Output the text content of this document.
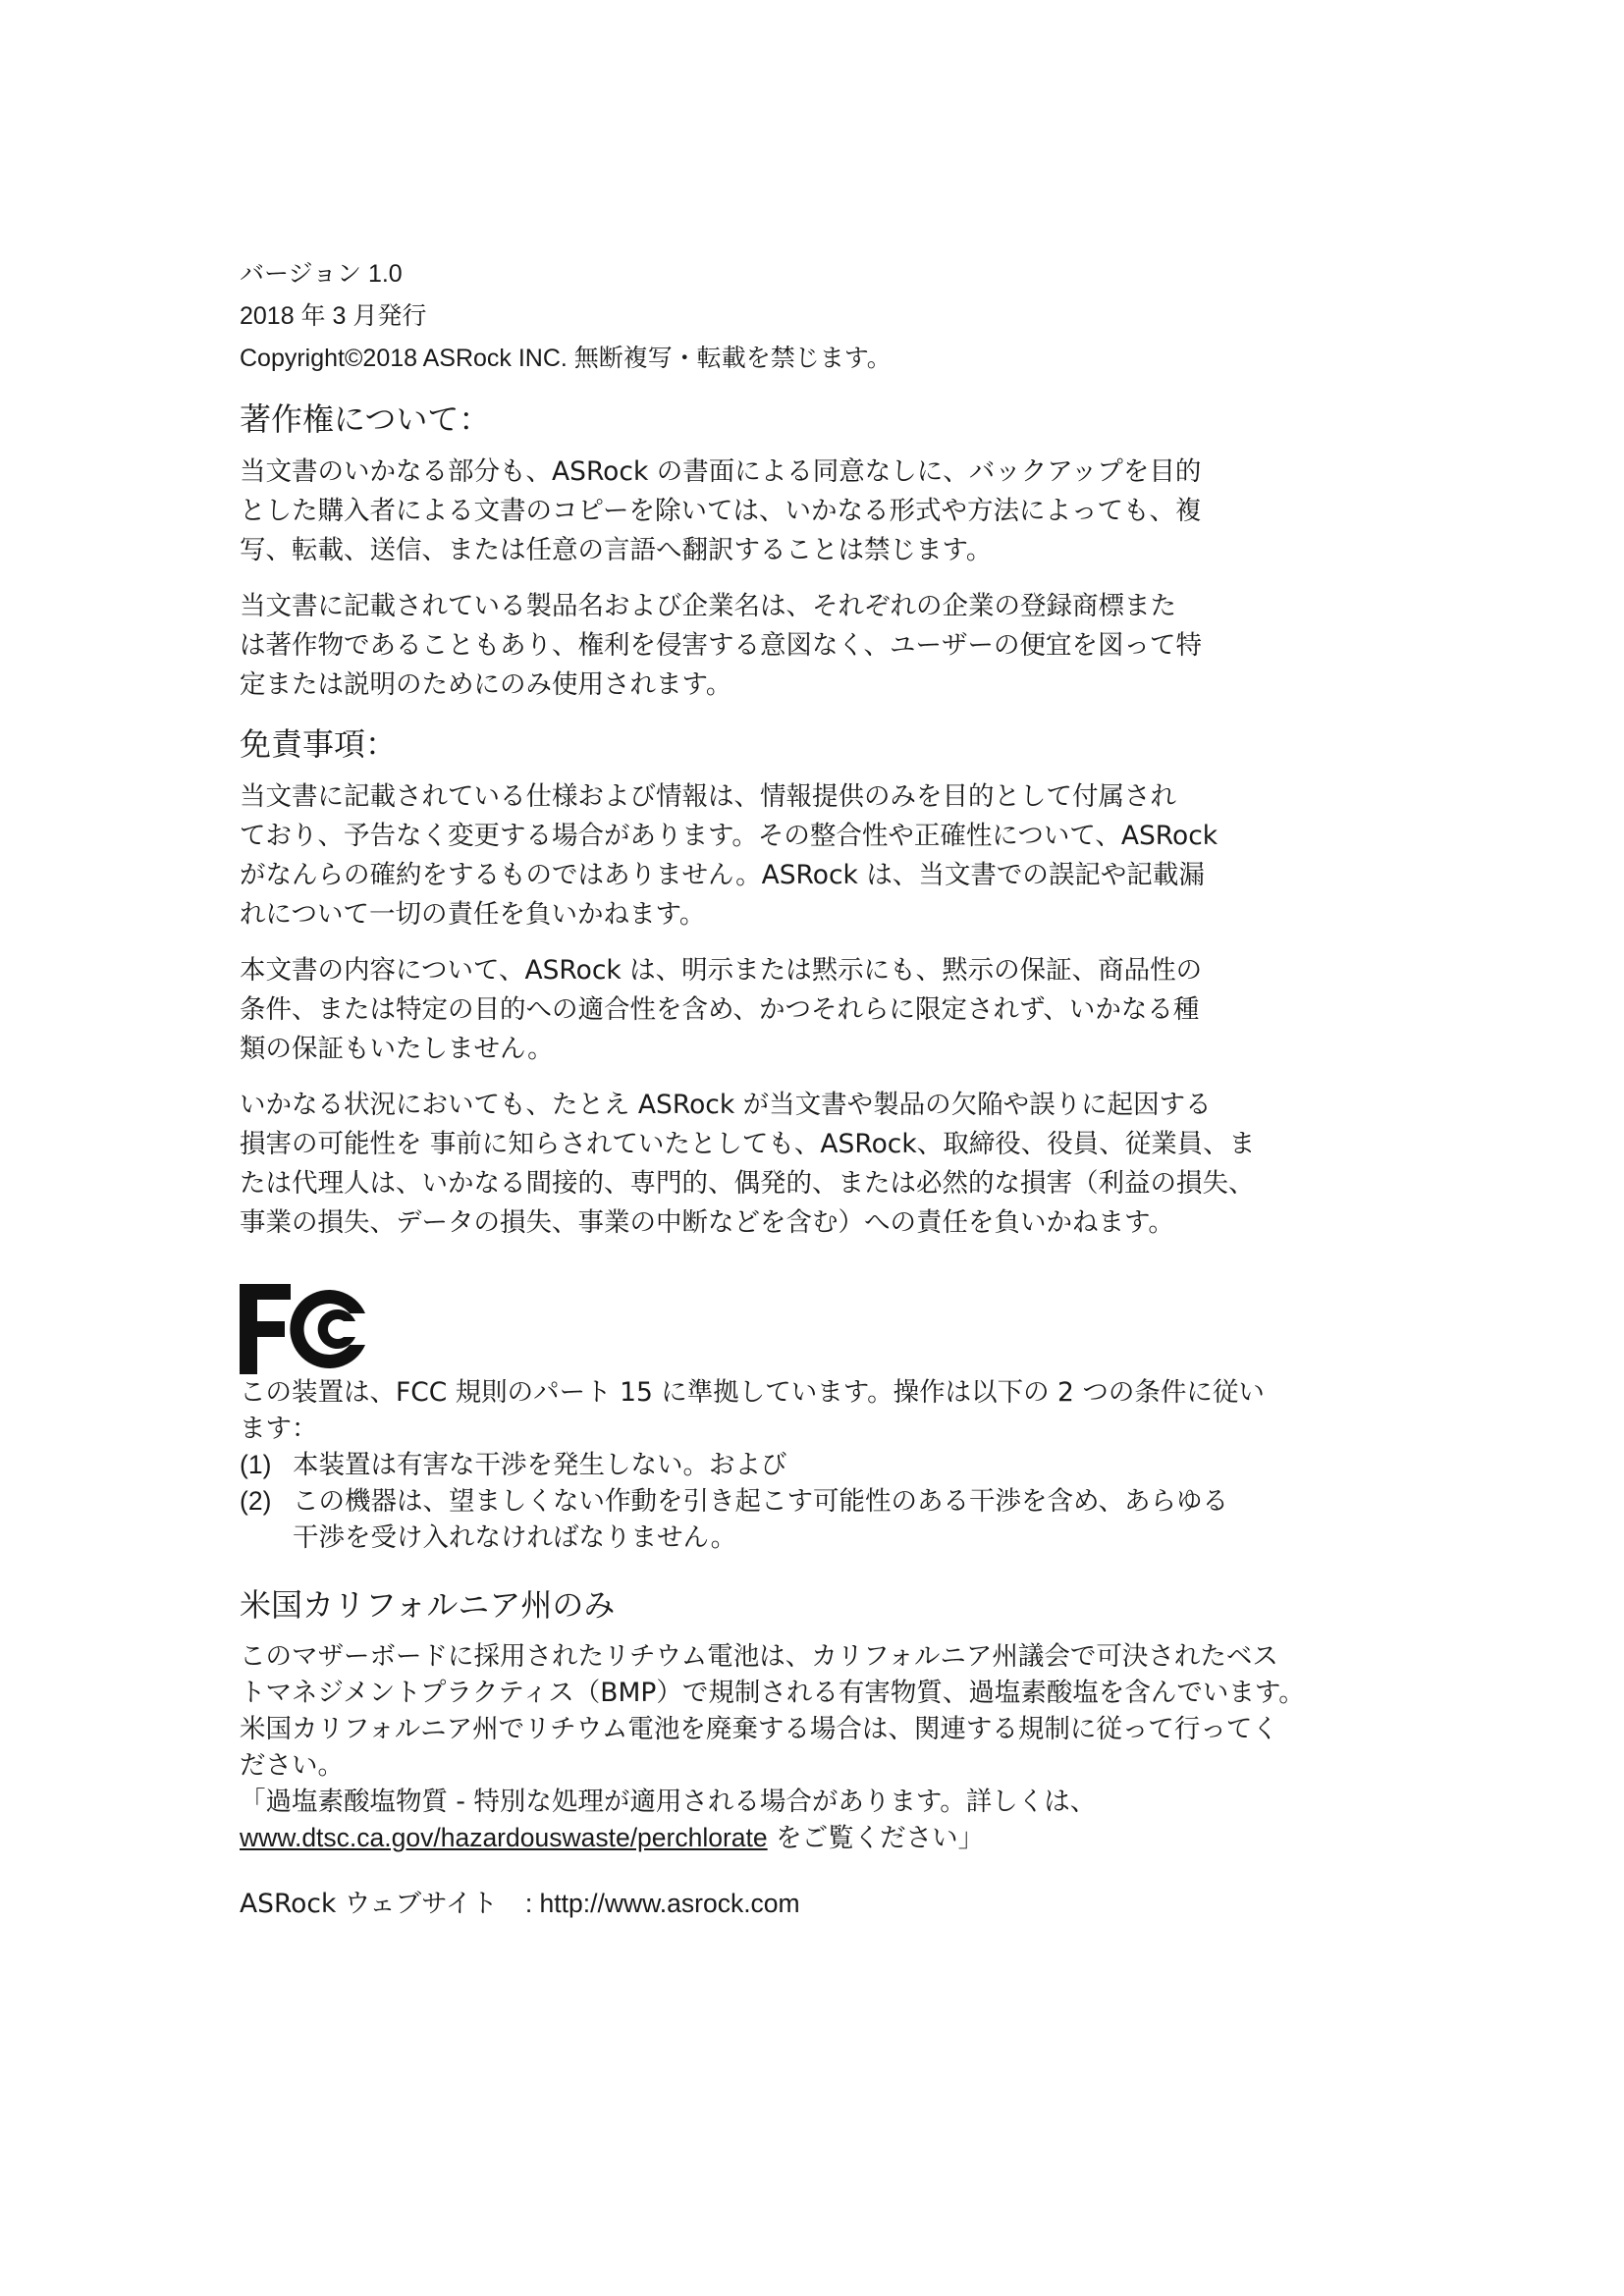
バージョン 1.0
2018 年 3 月発行
Copyright©2018 ASRock INC. 無断複写・転載を禁じます。
著作権について：
当文書のいかなる部分も、ASRock の書面による同意なしに、バックアップを目的
とした購入者による文書のコピーを除いては、いかなる形式や方法によっても、複
写、転載、送信、または任意の言語へ翻訳することは禁じます。
当文書に記載されている製品名および企業名は、それぞれの企業の登録商標また
は著作物であることもあり、権利を侵害する意図なく、ユーザーの便宜を図って特
定または説明のためにのみ使用されます。
免責事項：
当文書に記載されている仕様および情報は、情報提供のみを目的として付属され
ており、予告なく変更する場合があります。その整合性や正確性について、ASRock
がなんらの確約をするものではありません。ASRock は、当文書での誤記や記載漏
れについて一切の責任を負いかねます。
本文書の内容について、ASRock は、明示または黙示にも、黙示の保証、商品性の
条件、または特定の目的への適合性を含め、かつそれらに限定されず、いかなる種
類の保証もいたしません。
いかなる状況においても、たとえ ASRock が当文書や製品の欠陥や誤りに起因する
損害の可能性を 事前に知らされていたとしても、ASRock、取締役、役員、従業員、ま
たは代理人は、いかなる間接的、専門的、偶発的、または必然的な損害（利益の損失、
事業の損失、データの損失、事業の中断などを含む）への責任を負いかねます。
この装置は、FCC 規則のパート 15 に準拠しています。操作は以下の 2 つの条件に従い
ます：
(1) 本装置は有害な干渉を発生しない。および
(2) この機器は、望ましくない作動を引き起こす可能性のある干渉を含め、あらゆる
干渉を受け入れなければなりません。
米国カリフォルニア州のみ
このマザーボードに採用されたリチウム電池は、カリフォルニア州議会で可決されたベス
トマネジメントプラクティス（BMP）で規制される有害物質、過塩素酸塩を含んでいます。
米国カリフォルニア州でリチウム電池を廃棄する場合は、関連する規制に従って行ってく
ださい。
「過塩素酸塩物質 - 特別な処理が適用される場合があります。詳しくは、
www.dtsc.ca.gov/hazardouswaste/perchlorate をご覧ください」
ASRock ウェブサイト : http://www.asrock.com
